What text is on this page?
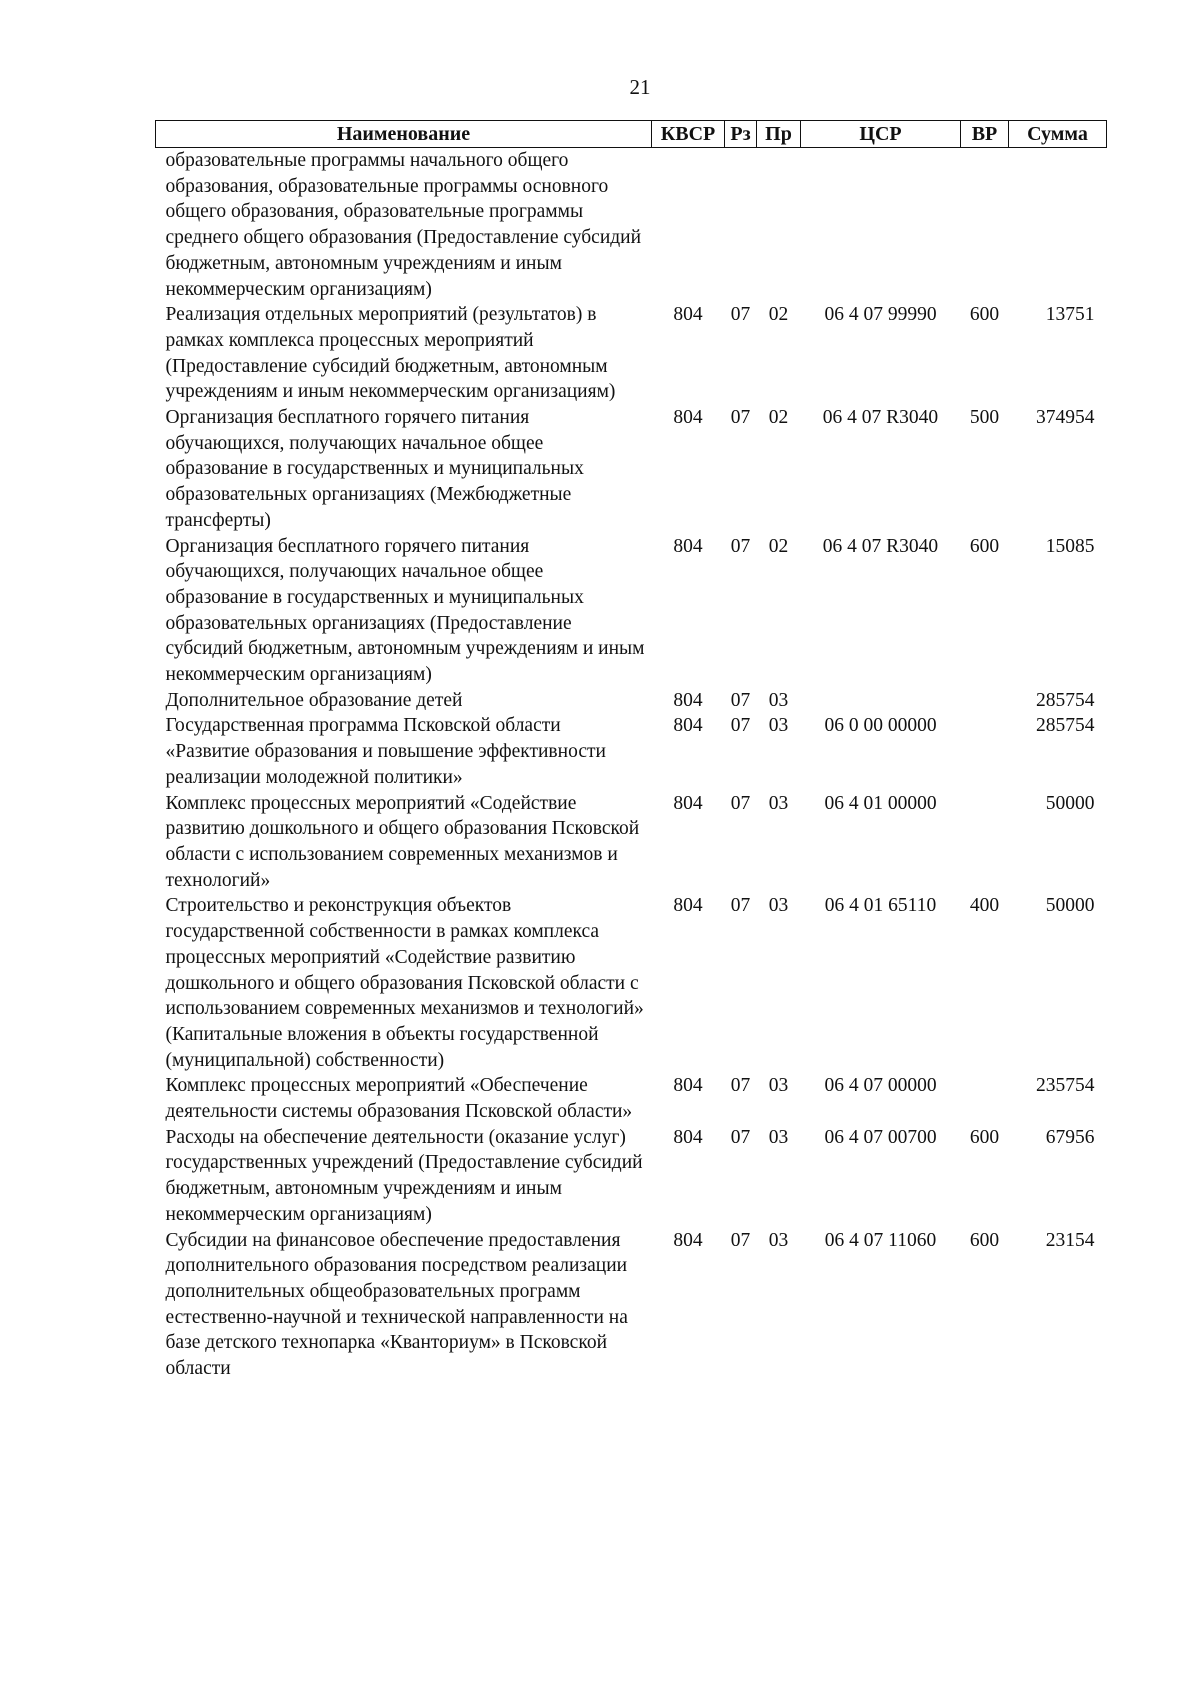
21
Наименование	КВСР	Рз	Пр	ЦСР	ВР	Сумма
образовательные программы начального общего образования, образовательные программы основного общего образования, образовательные программы среднего общего образования (Предоставление субсидий бюджетным, автономным учреждениям и иным некоммерческим организациям)						
Реализация отдельных мероприятий (результатов) в рамках комплекса процессных мероприятий (Предоставление субсидий бюджетным, автономным учреждениям и иным некоммерческим организациям)	804	07	02	06 4 07 99990	600	13751
Организация бесплатного горячего питания обучающихся, получающих начальное общее образование в государственных и муниципальных образовательных организациях (Межбюджетные трансферты)	804	07	02	06 4 07 R3040	500	374954
Организация бесплатного горячего питания обучающихся, получающих начальное общее образование в государственных и муниципальных образовательных организациях (Предоставление субсидий бюджетным, автономным учреждениям и иным некоммерческим организациям)	804	07	02	06 4 07 R3040	600	15085
Дополнительное образование детей	804	07	03			285754
Государственная программа Псковской области «Развитие образования и повышение эффективности реализации молодежной политики»	804	07	03	06 0 00 00000		285754
Комплекс процессных мероприятий «Содействие развитию дошкольного и общего образования Псковской области с использованием современных механизмов и технологий»	804	07	03	06 4 01 00000		50000
Строительство и реконструкция объектов государственной собственности в рамках комплекса процессных мероприятий «Содействие развитию дошкольного и общего образования Псковской области с использованием современных механизмов и технологий» (Капитальные вложения в объекты государственной (муниципальной) собственности)	804	07	03	06 4 01 65110	400	50000
Комплекс процессных мероприятий «Обеспечение деятельности системы образования Псковской области»	804	07	03	06 4 07 00000		235754
Расходы на обеспечение деятельности (оказание услуг) государственных учреждений (Предоставление субсидий бюджетным, автономным учреждениям и иным некоммерческим организациям)	804	07	03	06 4 07 00700	600	67956
Субсидии на финансовое обеспечение предоставления дополнительного образования посредством реализации дополнительных общеобразовательных программ естественно-научной и технической направленности на базе детского технопарка «Кванториум» в Псковской области	804	07	03	06 4 07 11060	600	23154
